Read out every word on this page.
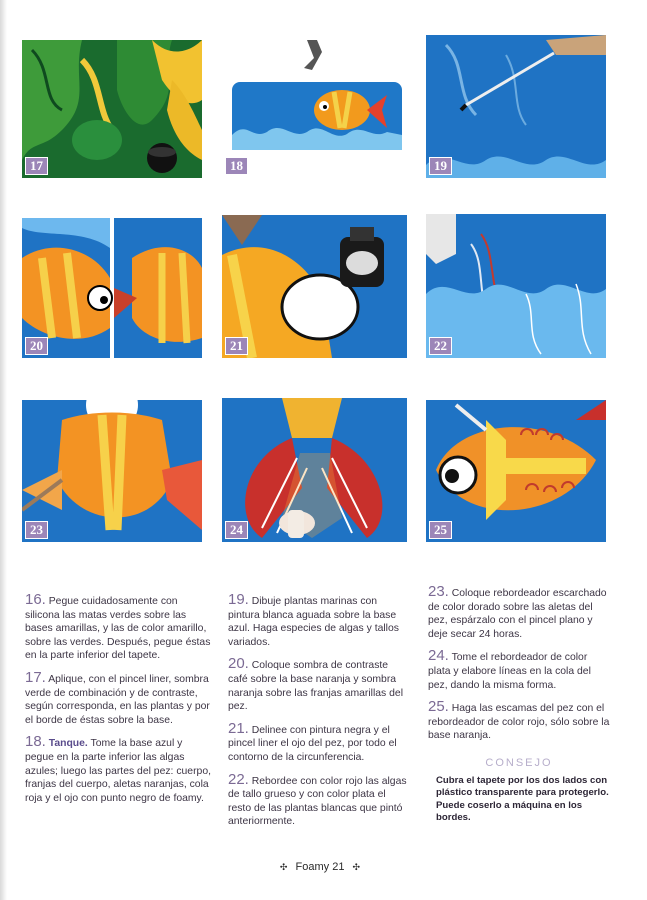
17	18	19
20	21	22
23	24	25

16. Pegue cuidadosamente con silicona las matas verdes sobre las bases amarillas, y las de color amarillo, sobre las verdes. Después, pegue éstas en la parte inferior del tapete.

17. Aplique, con el pincel liner, sombra verde de combinación y de contraste, según corresponda, en las plantas y por el borde de éstas sobre la base.

18. Tanque. Tome la base azul y pegue en la parte inferior las algas azules; luego las partes del pez: cuerpo, franjas del cuerpo, aletas naranjas, cola roja y el ojo con punto negro de foamy.

19. Dibuje plantas marinas con pintura blanca aguada sobre la base azul. Haga especies de algas y tallos variados.

20. Coloque sombra de contraste café sobre la base naranja y sombra naranja sobre las franjas amarillas del pez.

21. Delinee con pintura negra y el pincel liner el ojo del pez, por todo el contorno de la circunferencia.

22. Rebordee con color rojo las algas de tallo grueso y con color plata el resto de las plantas blancas que pintó anteriormente.

23. Coloque rebordeador escarchado de color dorado sobre las aletas del pez, espárzalo con el pincel plano y deje secar 24 horas.

24. Tome el rebordeador de color plata y elabore líneas en la cola del pez, dando la misma forma.

25. Haga las escamas del pez con el rebordeador de color rojo, sólo sobre la base naranja.

CONSEJO
Cubra el tapete por los dos lados con plástico transparente para protegerlo. Puede coserlo a máquina en los bordes.
✣ Foamy 21 ✣
